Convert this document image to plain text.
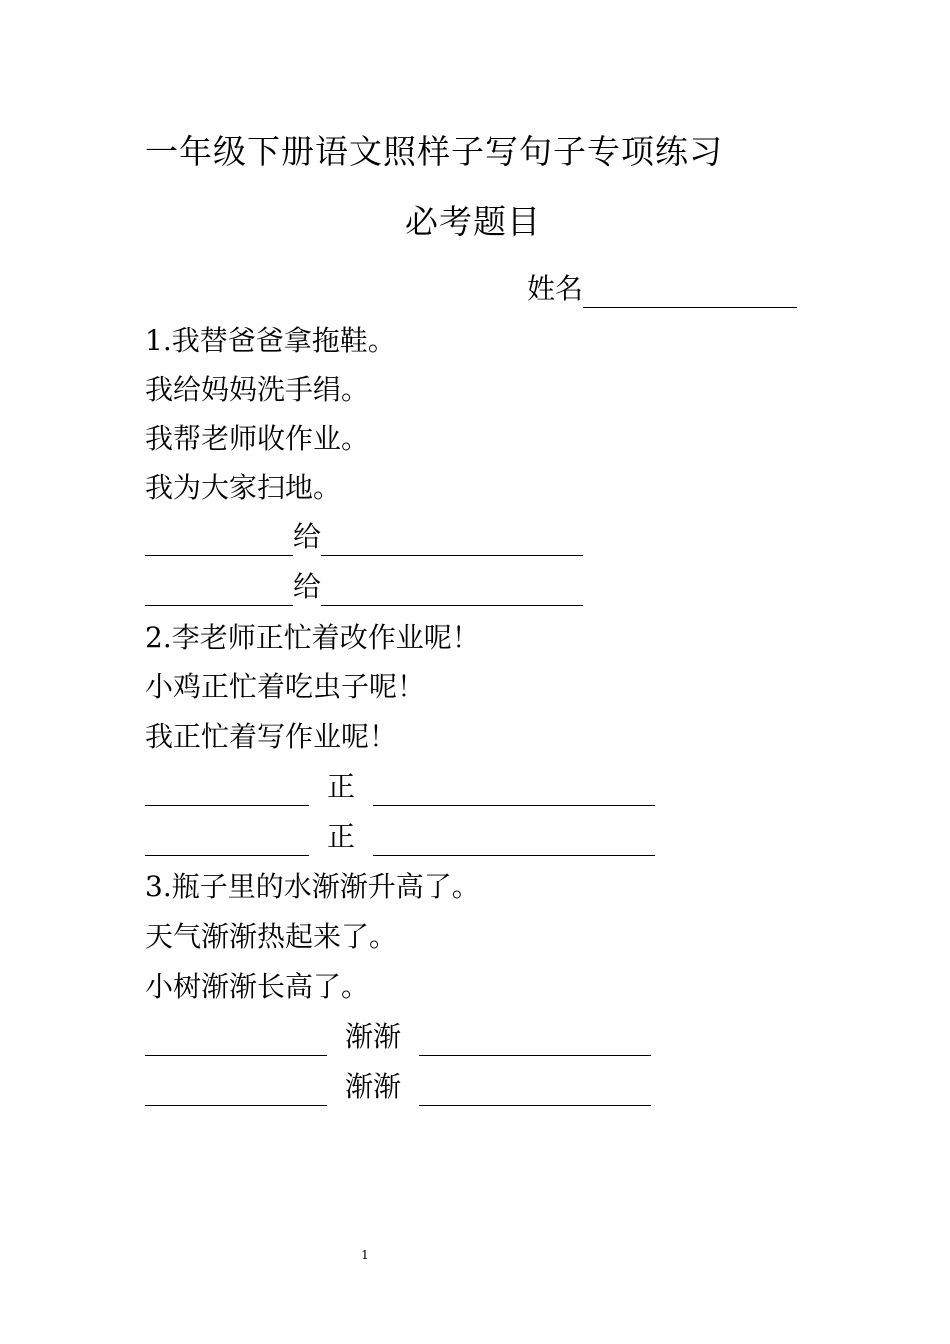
一年级下册语文照样子写句子专项练习
必考题目
姓名
1.我替爸爸拿拖鞋。
我给妈妈洗手绢。
我帮老师收作业。
我为大家扫地。
给
给
2.李老师正忙着改作业呢！
小鸡正忙着吃虫子呢！
我正忙着写作业呢！
正
正
3.瓶子里的水渐渐升高了。
天气渐渐热起来了。
小树渐渐长高了。
渐渐
渐渐
1
